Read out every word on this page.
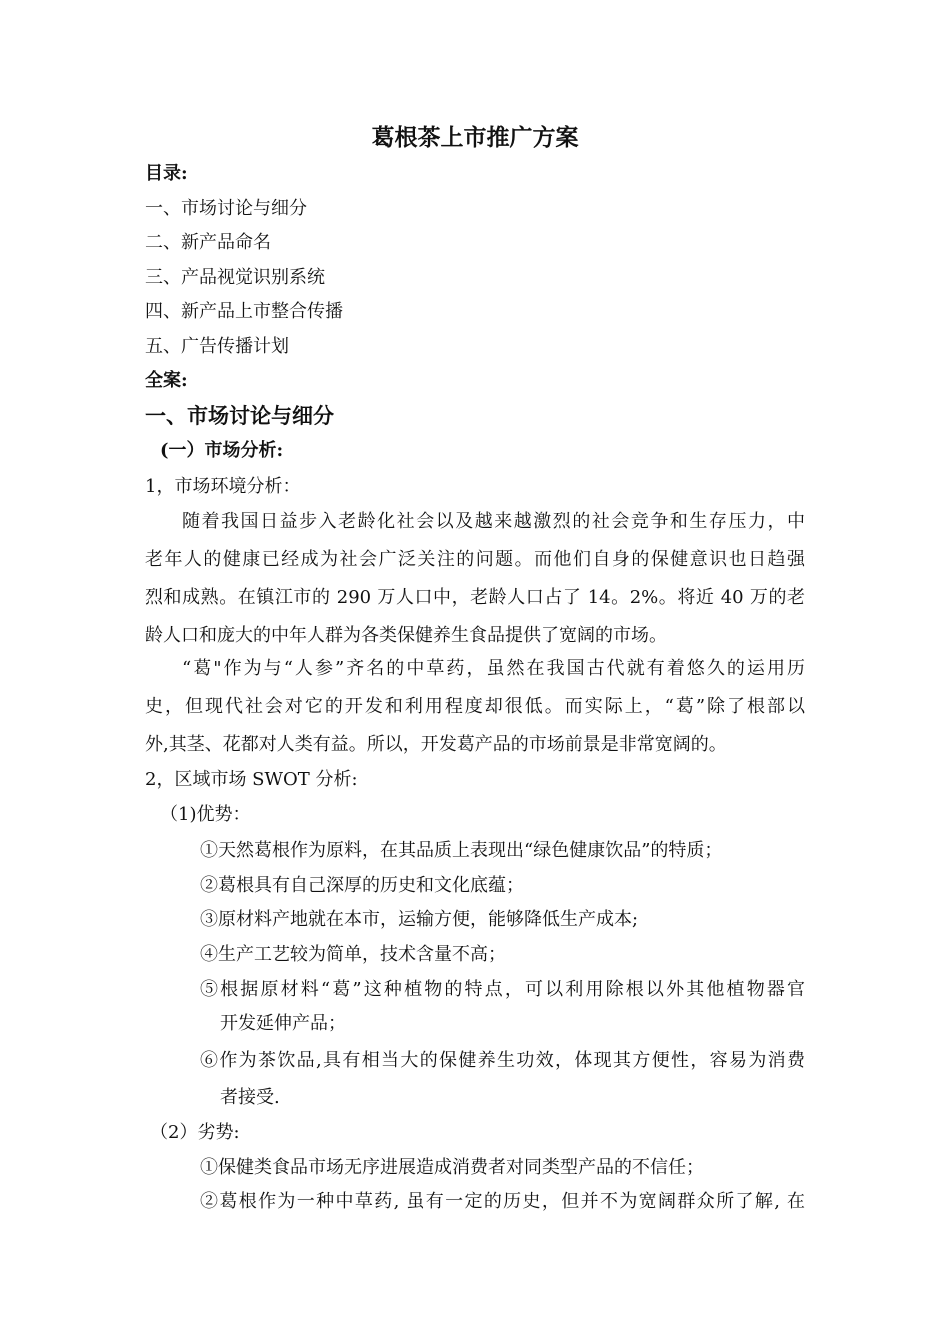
葛根茶上市推广方案
目录:
一、市场讨论与细分
二、新产品命名
三、产品视觉识别系统
四、新产品上市整合传播
五、广告传播计划
全案:
一、市场讨论与细分
(一）市场分析:
1，市场环境分析：
随着我国日益步入老龄化社会以及越来越激烈的社会竞争和生存压力，中
老年人的健康已经成为社会广泛关注的问题。而他们自身的保健意识也日趋强
烈和成熟。在镇江市的 290 万人口中，老龄人口占了 14。2%。将近 40 万的老
龄人口和庞大的中年人群为各类保健养生食品提供了宽阔的市场。
“葛"作为与“人参”齐名的中草药，虽然在我国古代就有着悠久的运用历
史，但现代社会对它的开发和利用程度却很低。而实际上，“葛”除了根部以
外,其茎、花都对人类有益。所以，开发葛产品的市场前景是非常宽阔的。
2，区域市场 SWOT 分析:
（1)优势：
①天然葛根作为原料，在其品质上表现出“绿色健康饮品”的特质；
②葛根具有自己深厚的历史和文化底蕴；
③原材料产地就在本市，运输方便，能够降低生产成本;
④生产工艺较为简单，技术含量不高；
⑤根据原材料“葛”这种植物的特点，可以利用除根以外其他植物器官
开发延伸产品；
⑥作为茶饮品,具有相当大的保健养生功效，体现其方便性，容易为消费
者接受.
（2）劣势:
①保健类食品市场无序进展造成消费者对同类型产品的不信任；
②葛根作为一种中草药, 虽有一定的历史，但并不为宽阔群众所了解, 在
